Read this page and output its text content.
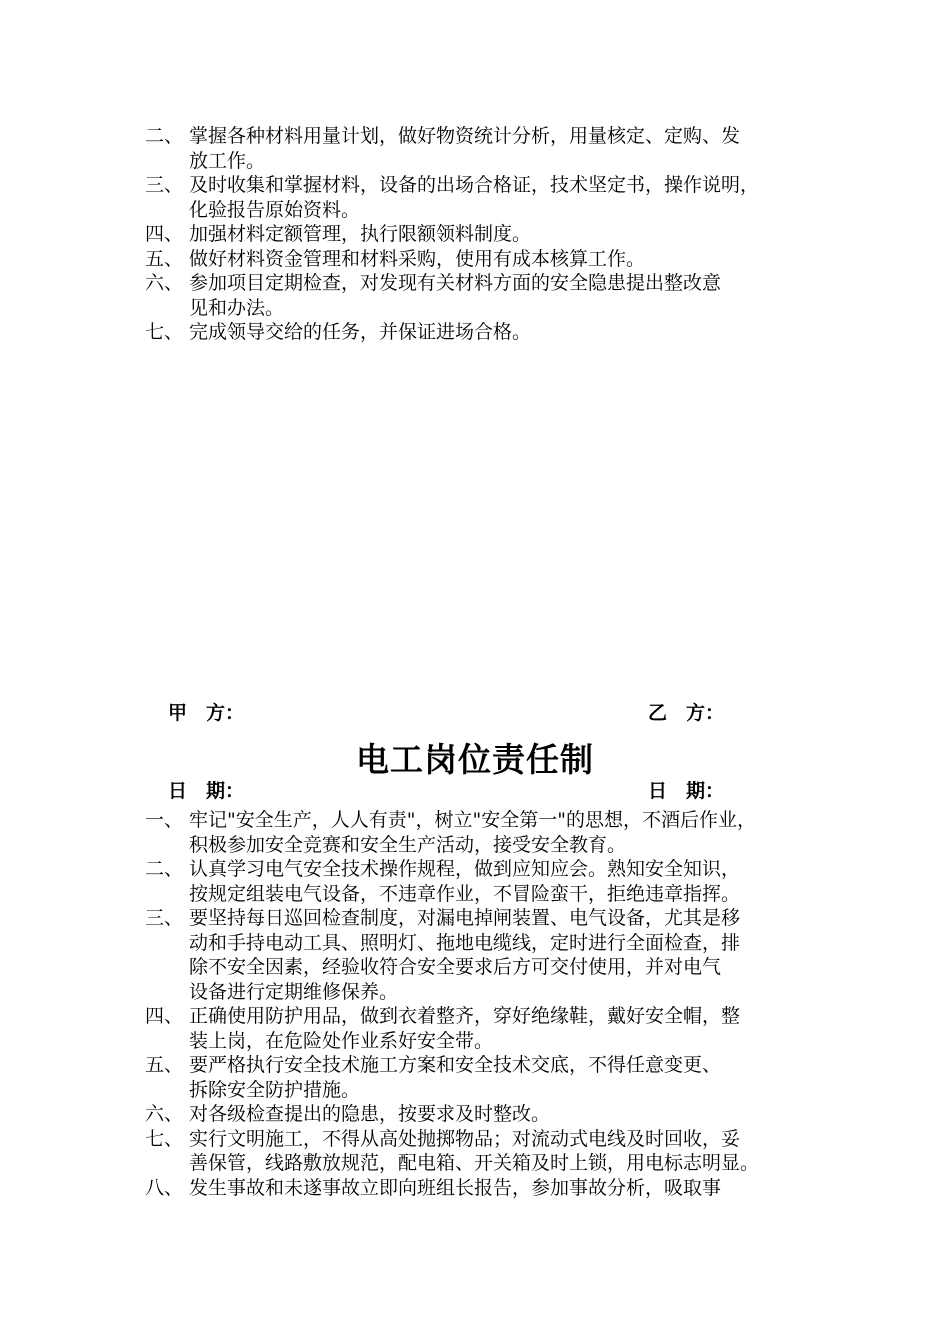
二、 掌握各种材料用量计划，做好物资统计分析，用量核定、定购、发
放工作。
三、 及时收集和掌握材料，设备的出场合格证，技术坚定书，操作说明，
化验报告原始资料。
四、 加强材料定额管理，执行限额领料制度。
五、 做好材料资金管理和材料采购，使用有成本核算工作。
六、 参加项目定期检查，对发现有关材料方面的安全隐患提出整改意
见和办法。
七、 完成领导交给的任务，并保证进场合格。

甲　方：

日　期：

乙　方：

日　期：

电工岗位责任制
一、 牢记"安全生产，人人有责"，树立"安全第一"的思想，不酒后作业，
积极参加安全竞赛和安全生产活动，接受安全教育。
二、 认真学习电气安全技术操作规程，做到应知应会。熟知安全知识，
按规定组装电气设备，不违章作业，不冒险蛮干，拒绝违章指挥。
三、 要坚持每日巡回检查制度，对漏电掉闸装置、电气设备，尤其是移
动和手持电动工具、照明灯、拖地电缆线，定时进行全面检查，排
除不安全因素，经验收符合安全要求后方可交付使用，并对电气
设备进行定期维修保养。
四、 正确使用防护用品，做到衣着整齐，穿好绝缘鞋，戴好安全帽，整
装上岗，在危险处作业系好安全带。
五、 要严格执行安全技术施工方案和安全技术交底，不得任意变更、
拆除安全防护措施。
六、 对各级检查提出的隐患，按要求及时整改。
七、 实行文明施工，不得从高处抛掷物品；对流动式电线及时回收，妥
善保管，线路敷放规范，配电箱、开关箱及时上锁，用电标志明显。
八、 发生事故和未遂事故立即向班组长报告，参加事故分析，吸取事
